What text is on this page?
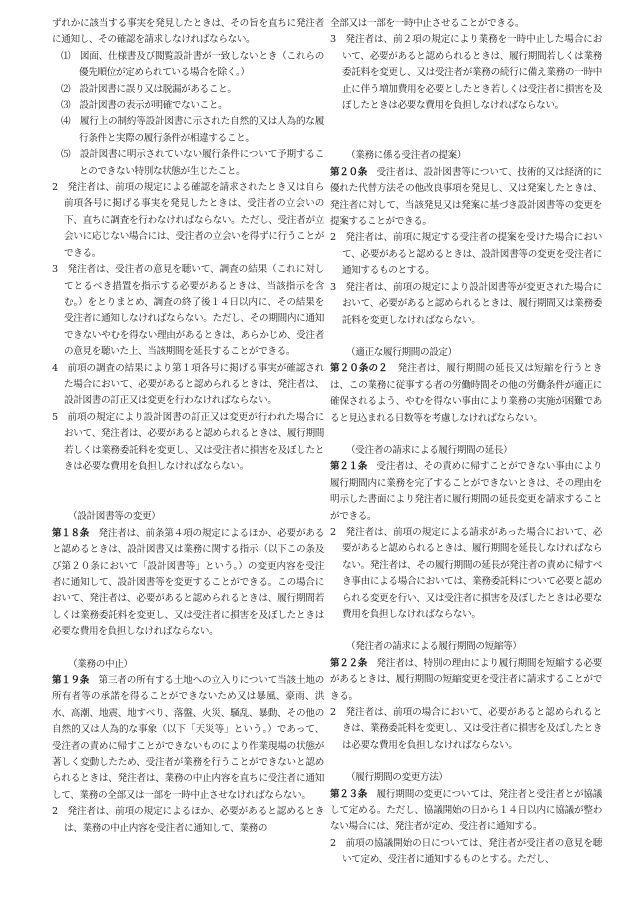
ずれかに該当する事実を発見したときは、その旨を直ちに発注者に通知し、その確認を請求しなければならない。

⑴　 図面、仕様書及び閲覧設計書が一致しないとき（これらの優先順位が定められている場合を除く。）

⑵　 設計図書に誤り又は脱漏があること。

⑶　 設計図書の表示が明確でないこと。

⑷　 履行上の制約等設計図書に示された自然的又は人為的な履行条件と実際の履行条件が相違すること。

⑸　 設計図書に明示されていない履行条件について予期することのできない特別な状態が生じたこと。

2　発注者は、前項の規定による確認を請求されたとき又は自ら前項各号に掲げる事実を発見したときは、受注者の立会いの下、直ちに調査を行わなければならない。ただし、受注者が立会いに応じない場合には、受注者の立会いを得ずに行うことができる。

3　発注者は、受注者の意見を聴いて、調査の結果（これに対してとるべき措置を指示する必要があるときは、当該指示を含む。）をとりまとめ、調査の終了後１４日以内に、その結果を受注者に通知しなければならない。ただし、その期間内に通知できないやむを得ない理由があるときは、あらかじめ、受注者の意見を聴いた上、当該期間を延長することができる。

4　前項の調査の結果により第１項各号に掲げる事実が確認された場合において、必要があると認められるときは、発注者は、設計図書の訂正又は変更を行わなければならない。

5　前項の規定により設計図書の訂正又は変更が行われた場合において、発注者は、必要があると認められるときは、履行期間若しくは業務委託料を変更し、又は受注者に損害を及ぼしたときは必要な費用を負担しなければならない。

（設計図書等の変更）

第１８条　発注者は、前条第４項の規定によるほか、必要があると認めるときは、設計図書又は業務に関する指示（以下この条及び第２０条において「設計図書等」という。）の変更内容を受注者に通知して、設計図書等を変更することができる。この場合において、発注者は、必要があると認められるときは、履行期間若しくは業務委託料を変更し、又は受注者に損害を及ぼしたときは必要な費用を負担しなければならない。

（業務の中止）

第１９条　第三者の所有する土地への立入りについて当該土地の所有者等の承諾を得ることができないため又は暴風、豪雨、洪水、高潮、地震、地すべり、落盤、火災、騒乱、暴動、その他の自然的又は人為的な事象（以下「天災等」という。）であって、受注者の責めに帰すことができないものにより作業現場の状態が著しく変動したため、受注者が業務を行うことができないと認められるときは、発注者は、業務の中止内容を直ちに受注者に通知して、業務の全部又は一部を一時中止させなければならない。

2　発注者は、前項の規定によるほか、必要があると認めるときは、業務の中止内容を受注者に通知して、業務の

全部又は一部を一時中止させることができる。

3　発注者は、前２項の規定により業務を一時中止した場合において、必要があると認められるときは、履行期間若しくは業務委託料を変更し、又は受注者が業務の続行に備え業務の一時中止に伴う増加費用を必要としたとき若しくは受注者に損害を及ぼしたときは必要な費用を負担しなければならない。

（業務に係る受注者の提案）

第２０条　受注者は、設計図書等について、技術的又は経済的に優れた代替方法その他改良事項を発見し、又は発案したときは、発注者に対して、当該発見又は発案に基づき設計図書等の変更を提案することができる。

2　発注者は、前項に規定する受注者の提案を受けた場合において、必要があると認めるときは、設計図書等の変更を受注者に通知するものとする。

3　発注者は、前項の規定により設計図書等が変更された場合において、必要があると認められるときは、履行期間又は業務委託料を変更しなければならない。

（適正な履行期間の設定）

第２０条の２　発注者は、履行期間の延長又は短縮を行うときは、この業務に従事する者の労働時間その他の労働条件が適正に確保されるよう、やむを得ない事由により業務の実施が困難であると見込まれる日数等を考慮しなければならない。

（受注者の請求による履行期間の延長）

第２１条　受注者は、その責めに帰すことができない事由により履行期間内に業務を完了することができないときは、その理由を明示した書面により発注者に履行期間の延長変更を請求することができる。

2　発注者は、前項の規定による請求があった場合において、必要があると認められるときは、履行期間を延長しなければならない。発注者は、その履行期間の延長が発注者の責めに帰すべき事由による場合においては、業務委託料について必要と認められる変更を行い、又は受注者に損害を及ぼしたときは必要な費用を負担しなければならない。

（発注者の請求による履行期間の短縮等）

第２２条　発注者は、特別の理由により履行期間を短縮する必要があるときは、履行期間の短縮変更を受注者に請求することができる。

2　発注者は、前項の場合において、必要があると認められるときは、業務委託料を変更し、又は受注者に損害を及ぼしたときは必要な費用を負担しなければならない。

（履行期間の変更方法）

第２３条　履行期間の変更については、発注者と受注者とが協議して定める。ただし、協議開始の日から１４日以内に協議が整わない場合には、発注者が定め、受注者に通知する。

2　前項の協議開始の日については、発注者が受注者の意見を聴いて定め、受注者に通知するものとする。ただし、
